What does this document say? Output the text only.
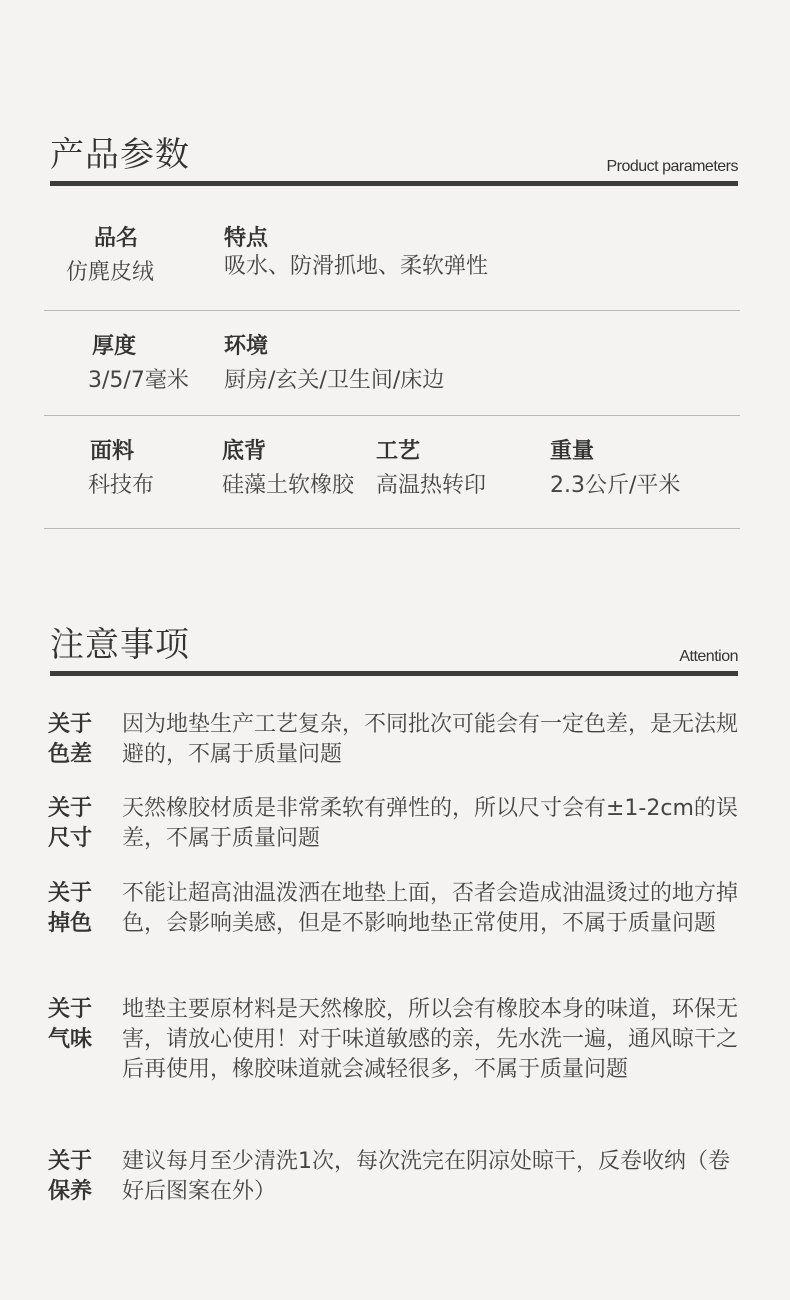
产品参数	Product parameters
品名
仿麂皮绒
特点
吸水、防滑抓地、柔软弹性
厚度
3/5/7毫米
环境
厨房/玄关/卫生间/床边
面料
科技布
底背
硅藻土软橡胶
工艺
高温热转印
重量
2.3公斤/平米
注意事项	Attention
关于
色差
因为地垫生产工艺复杂，不同批次可能会有一定色差，是无法规避的，不属于质量问题
关于
尺寸
天然橡胶材质是非常柔软有弹性的，所以尺寸会有±1-2cm的误差，不属于质量问题
关于
掉色
不能让超高油温泼洒在地垫上面，否者会造成油温烫过的地方掉色，会影响美感，但是不影响地垫正常使用，不属于质量问题
关于
气味
地垫主要原材料是天然橡胶，所以会有橡胶本身的味道，环保无害，请放心使用！对于味道敏感的亲，先水洗一遍，通风晾干之后再使用，橡胶味道就会减轻很多，不属于质量问题
关于
保养
建议每月至少清洗1次，每次洗完在阴凉处晾干，反卷收纳（卷好后图案在外）
